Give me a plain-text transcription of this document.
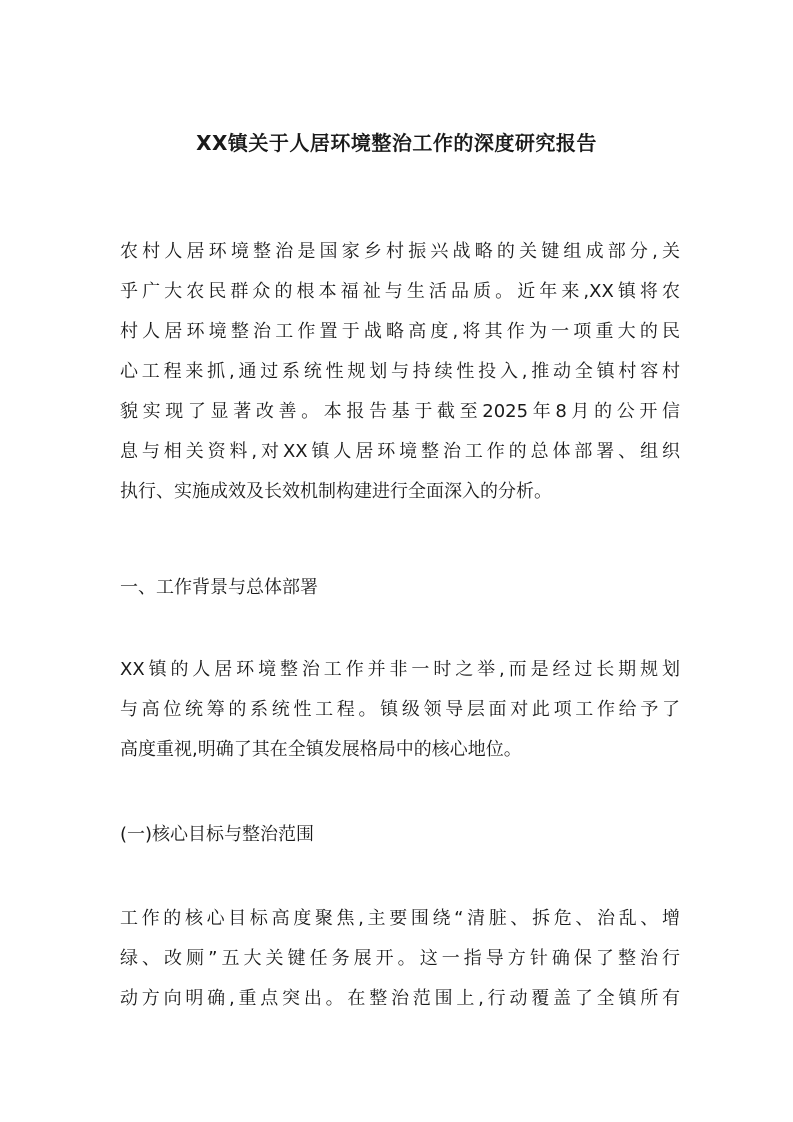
XX镇关于人居环境整治工作的深度研究报告
农村人居环境整治是国家乡村振兴战略的关键组成部分,关
乎广大农民群众的根本福祉与生活品质。近年来,XX镇将农
村人居环境整治工作置于战略高度,将其作为一项重大的民
心工程来抓,通过系统性规划与持续性投入,推动全镇村容村
貌实现了显著改善。本报告基于截至2025年8月的公开信
息与相关资料,对XX镇人居环境整治工作的总体部署、组织
执行、实施成效及长效机制构建进行全面深入的分析。
一、工作背景与总体部署
XX镇的人居环境整治工作并非一时之举,而是经过长期规划
与高位统筹的系统性工程。镇级领导层面对此项工作给予了
高度重视,明确了其在全镇发展格局中的核心地位。
(一)核心目标与整治范围
工作的核心目标高度聚焦,主要围绕“清脏、拆危、治乱、增
绿、改厕”五大关键任务展开。这一指导方针确保了整治行
动方向明确,重点突出。在整治范围上,行动覆盖了全镇所有
